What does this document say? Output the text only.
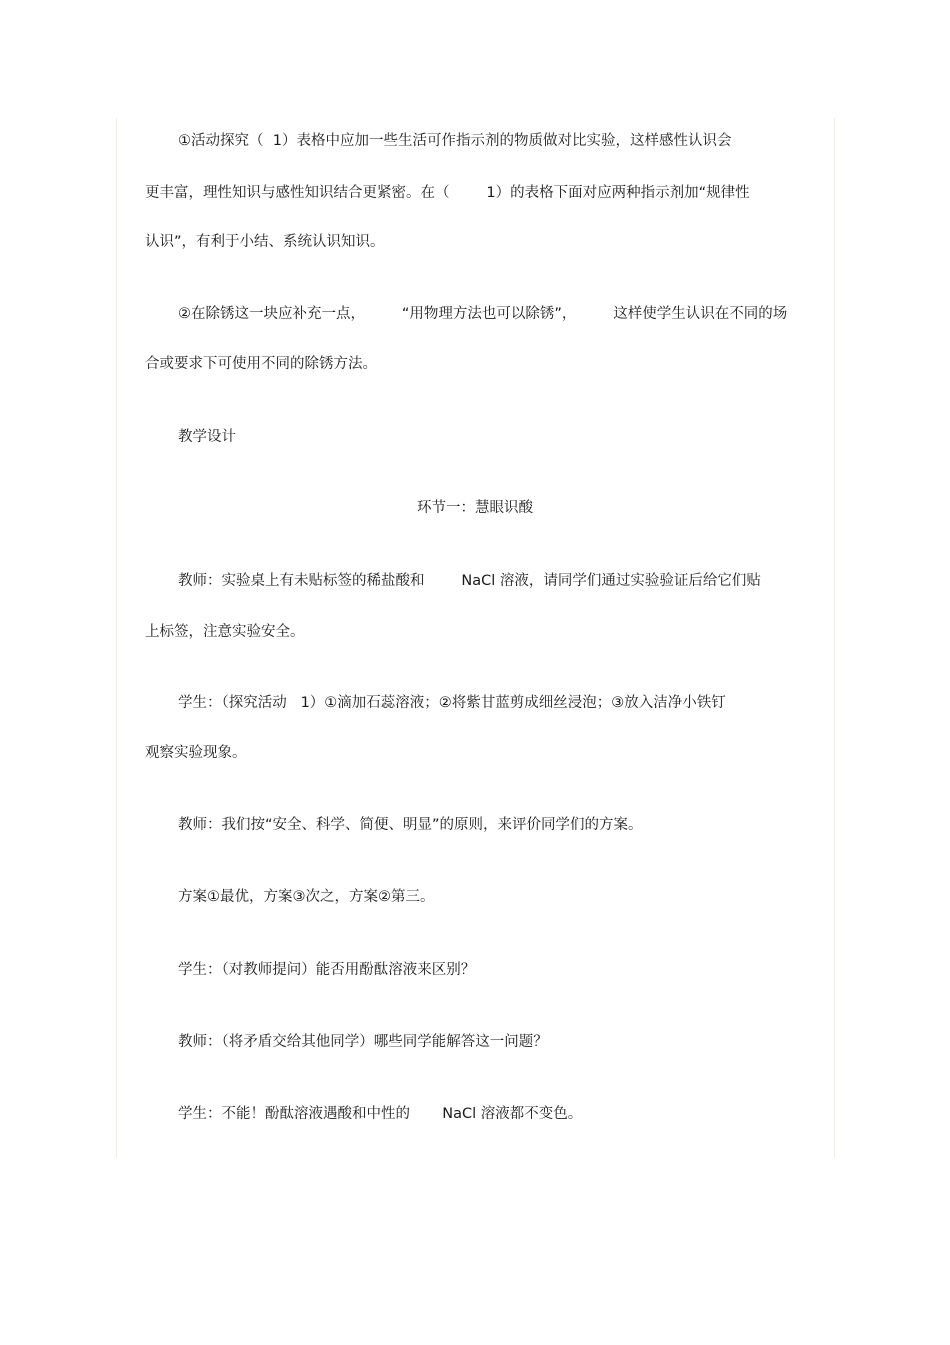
①活动探究（  1）表格中应加一些生活可作指示剂的物质做对比实验，这样感性认识会
更丰富，理性知识与感性知识结合更紧密。在（        1）的表格下面对应两种指示剂加“规律性
认识”，有利于小结、系统认识知识。
②在除锈这一块应补充一点，        “用物理方法也可以除锈”，        这样使学生认识在不同的场
合或要求下可使用不同的除锈方法。
教学设计
环节一：慧眼识酸
教师：实验桌上有未贴标签的稀盐酸和        NaCl 溶液，请同学们通过实验验证后给它们贴
上标签，注意实验安全。
学生：（探究活动   1）①滴加石蕊溶液；②将紫甘蓝剪成细丝浸泡；③放入洁净小铁钉
观察实验现象。
教师：我们按“安全、科学、简便、明显”的原则，来评价同学们的方案。
方案①最优，方案③次之，方案②第三。
学生：（对教师提问）能否用酚酞溶液来区别？
教师：（将矛盾交给其他同学）哪些同学能解答这一问题？
学生：不能！酚酞溶液遇酸和中性的       NaCl 溶液都不变色。
